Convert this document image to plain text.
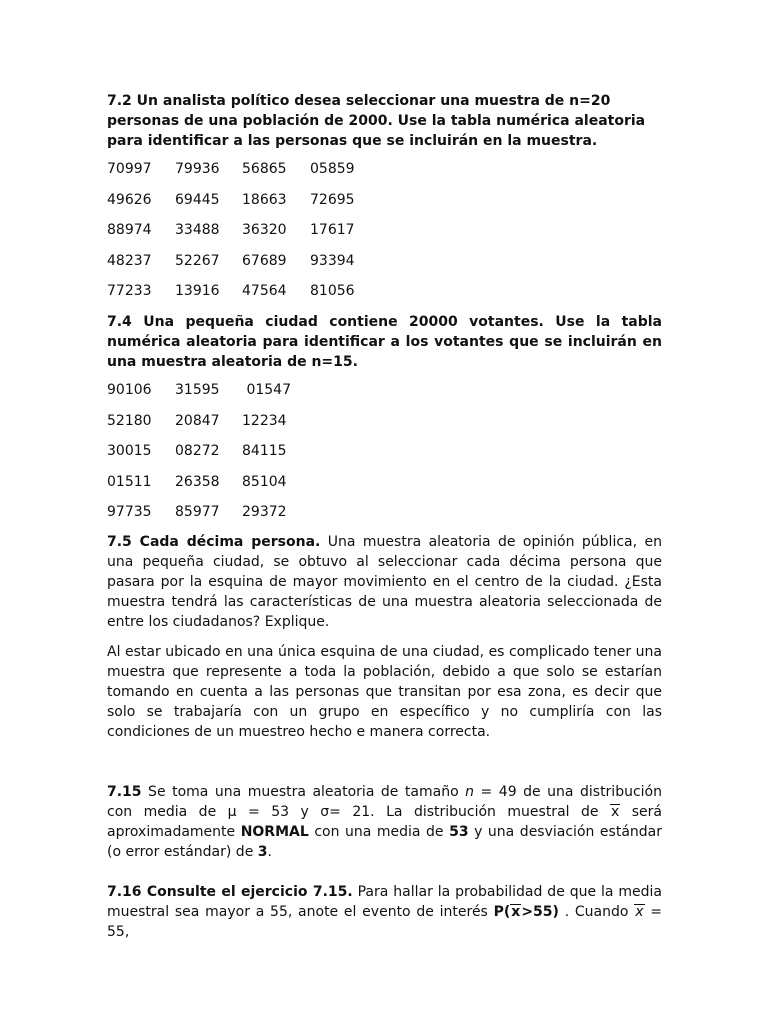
7.2 Un analista político desea seleccionar una muestra de n=20 personas de una población de 2000. Use la tabla numérica aleatoria para identificar a las personas que se incluirán en la muestra.

70997 79936 56865 05859
49626 69445 18663 72695
88974 33488 36320 17617
48237 52267 67689 93394
77233 13916 47564 81056

7.4 Una pequeña ciudad contiene 20000 votantes. Use la tabla numérica aleatoria para identificar a los votantes que se incluirán en una muestra aleatoria de n=15.

90106 31595 01547
52180 20847 12234
30015 08272 84115
01511 26358 85104
97735 85977 29372

7.5 Cada décima persona. Una muestra aleatoria de opinión pública, en una pequeña ciudad, se obtuvo al seleccionar cada décima persona que pasara por la esquina de mayor movimiento en el centro de la ciudad. ¿Esta muestra tendrá las características de una muestra aleatoria seleccionada de entre los ciudadanos? Explique.

Al estar ubicado en una única esquina de una ciudad, es complicado tener una muestra que represente a toda la población, debido a que solo se estarían tomando en cuenta a las personas que transitan por esa zona, es decir que solo se trabajaría con un grupo en específico y no cumpliría con las condiciones de un muestreo hecho e manera correcta.

7.15 Se toma una muestra aleatoria de tamaño n = 49 de una distribución con media de μ = 53 y σ= 21. La distribución muestral de x será aproximadamente NORMAL con una media de 53 y una desviación estándar (o error estándar) de 3.

7.16 Consulte el ejercicio 7.15. Para hallar la probabilidad de que la media muestral sea mayor a 55, anote el evento de interés P(x>55) . Cuando x = 55,
